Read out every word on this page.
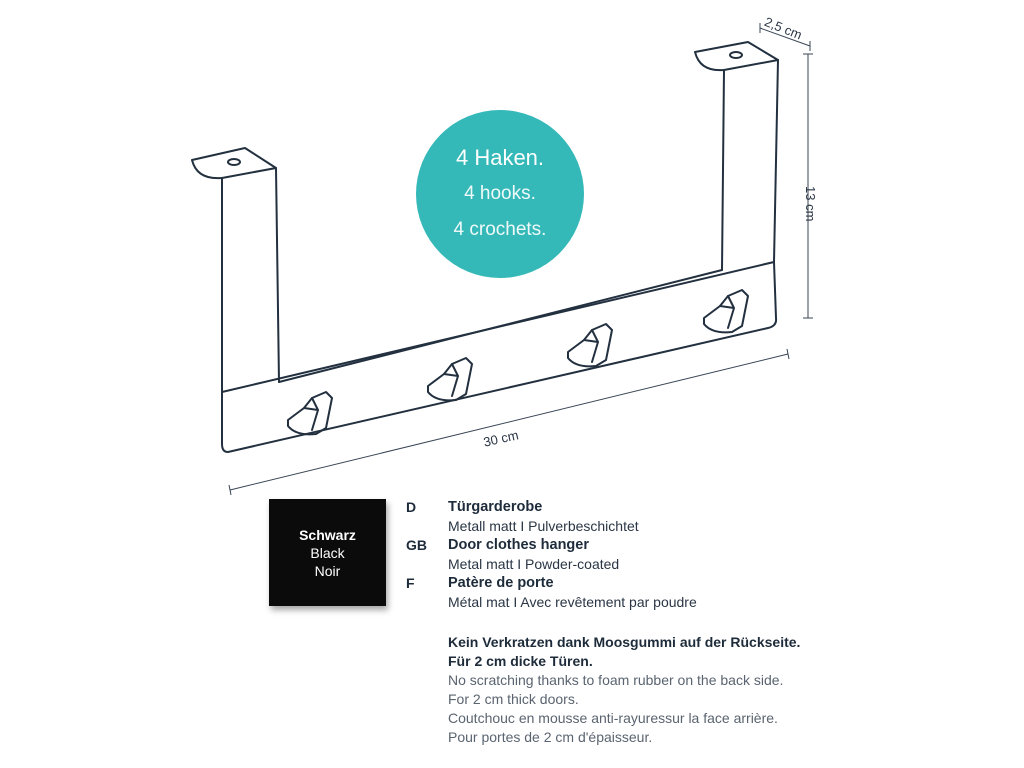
2,5 cm
13 cm
30 cm
4 Haken.
4 hooks.
4 crochets.
Schwarz
Black
Noir
D	Türgarderobe
Metall matt I Pulverbeschichtet
GB	Door clothes hanger
Metal matt I Powder-coated
F	Patère de porte
Métal mat I Avec revêtement par poudre
Kein Verkratzen dank Moosgummi auf der Rückseite.
Für 2 cm dicke Türen.
No scratching thanks to foam rubber on the back side.
For 2 cm thick doors.
Coutchouc en mousse anti-rayuressur la face arrière.
Pour portes de 2 cm d'épaisseur.
